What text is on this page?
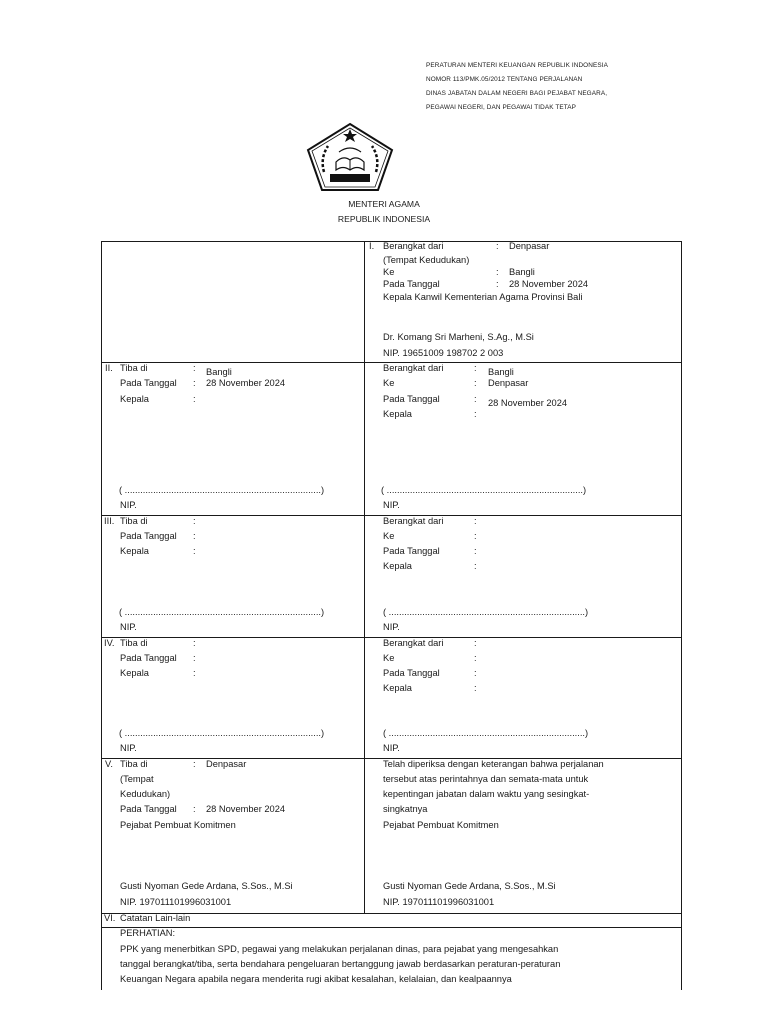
PERATURAN MENTERI KEUANGAN REPUBLIK INDONESIA
NOMOR 113/PMK.05/2012 TENTANG PERJALANAN
DINAS JABATAN DALAM NEGERI BAGI PEJABAT NEGARA,
PEGAWAI NEGERI, DAN PEGAWAI TIDAK TETAP
MENTERI AGAMA
REPUBLIK INDONESIA
I. Berangkat dari	: Denpasar
(Tempat Kedudukan)
Ke	: Bangli
Pada Tanggal	: 28 November 2024
Kepala Kanwil Kementerian Agama Provinsi Bali
Dr. Komang Sri Marheni, S.Ag., M.Si
NIP. 19651009 198702 2 003
II. Tiba di	: Bangli
Pada Tanggal : 28 November 2024
Kepala	:
( ............................................................................)
NIP.
Berangkat dari	: Bangli
Ke	: Denpasar
Pada Tanggal	: 28 November 2024
Kepala	:
( ............................................................................)
NIP.
III. Tiba di	:
Pada Tanggal :
Kepala	:
( ............................................................................)
NIP.
Berangkat dari	:
Ke	:
Pada Tanggal	:
Kepala	:
( ............................................................................)
NIP.
IV. Tiba di	:
Pada Tanggal :
Kepala	:
( ............................................................................)
NIP.
Berangkat dari	:
Ke	:
Pada Tanggal	:
Kepala	:
( ............................................................................)
NIP.
V. Tiba di	: Denpasar
(Tempat
Kedudukan)
Pada Tanggal : 28 November 2024
Pejabat Pembuat Komitmen
Gusti Nyoman Gede Ardana, S.Sos., M.Si
NIP. 197011101996031001
Telah diperiksa dengan keterangan bahwa perjalanan
tersebut atas perintahnya dan semata-mata untuk
kepentingan jabatan dalam waktu yang sesingkat-
singkatnya
Pejabat Pembuat Komitmen
Gusti Nyoman Gede Ardana, S.Sos., M.Si
NIP. 197011101996031001
VI. Catatan Lain-lain
PERHATIAN:
PPK yang menerbitkan SPD, pegawai yang melakukan perjalanan dinas, para pejabat yang mengesahkan
tanggal berangkat/tiba, serta bendahara pengeluaran bertanggung jawab berdasarkan peraturan-peraturan
Keuangan Negara apabila negara menderita rugi akibat kesalahan, kelalaian, dan kealpaannya
